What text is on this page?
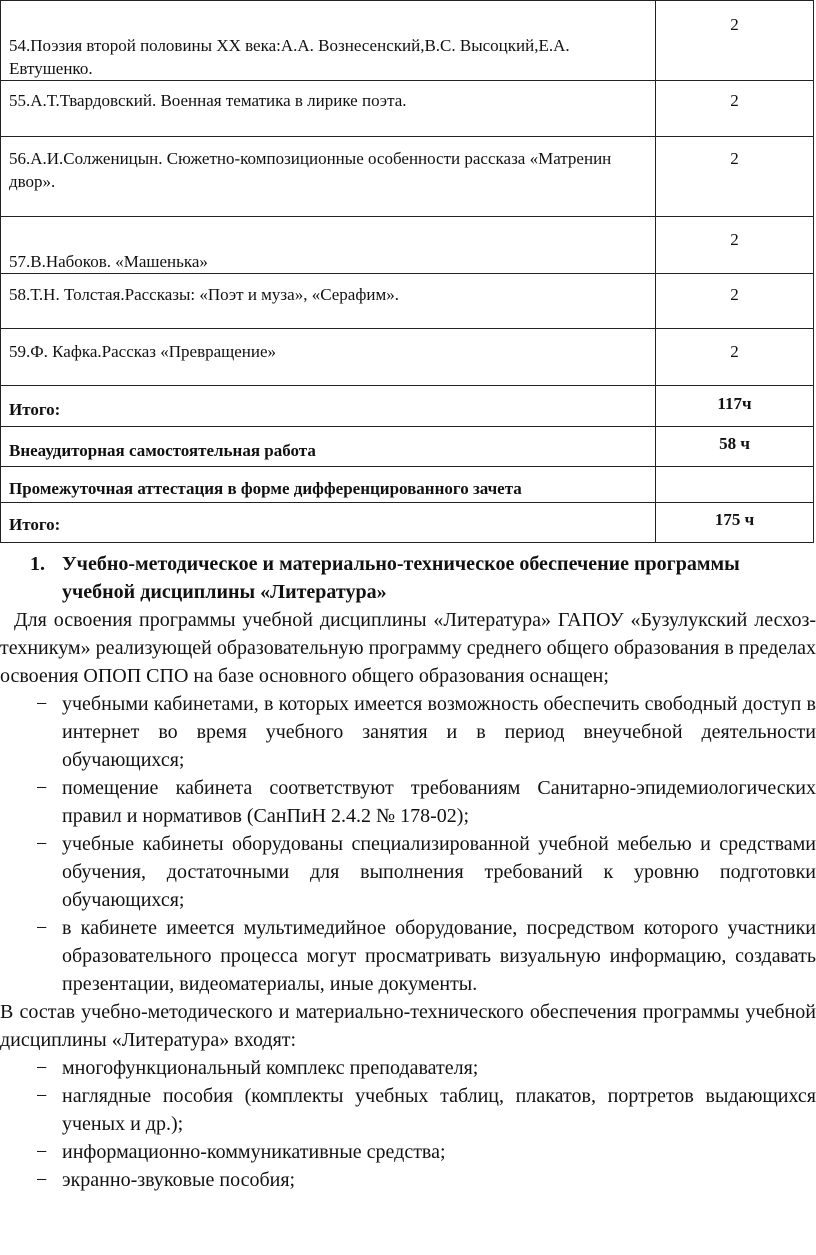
54.Поэзия второй половины ХХ века:А.А. Вознесенский,В.С. Высоцкий,Е.А. Евтушенко.	2

55.А.Т.Твардовский. Военная тематика в лирике поэта.	2

56.А.И.Солженицын. Сюжетно-композиционные особенности рассказа «Матренин двор».	2

57.В.Набоков. «Машенька»	2

58.Т.Н. Толстая.Рассказы: «Поэт и муза», «Серафим».	2

59.Ф. Кафка.Рассказ «Превращение»	2
Итого:	117ч
Внеаудиторная самостоятельная работа	58 ч
Промежуточная аттестация в форме дифференцированного зачета	
Итого:	175 ч
1. Учебно-методическое и материально-техническое обеспечение программы учебной дисциплины «Литература»

Для освоения программы учебной дисциплины «Литература» ГАПОУ «Бузулукский лесхоз-техникум» реализующей образовательную программу среднего общего образования в пределах освоения ОПОП СПО на базе основного общего образования оснащен;

− учебными кабинетами, в которых имеется возможность обеспечить свободный доступ в интернет во время учебного занятия и в период внеучебной деятельности обучающихся;
− помещение кабинета соответствуют требованиям Санитарно-эпидемиологических правил и нормативов (СанПиН 2.4.2 № 178-02);
− учебные кабинеты оборудованы специализированной учебной мебелью и средствами обучения, достаточными для выполнения требований к уровню подготовки обучающихся;
− в кабинете имеется мультимедийное оборудование, посредством которого участники образовательного процесса могут просматривать визуальную информацию, создавать презентации, видеоматериалы, иные документы.

В состав учебно-методического и материально-технического обеспечения программы учебной дисциплины «Литература» входят:

− многофункциональный комплекс преподавателя;
− наглядные пособия (комплекты учебных таблиц, плакатов, портретов выдающихся ученых и др.);
− информационно-коммуникативные средства;
− экранно-звуковые пособия;
